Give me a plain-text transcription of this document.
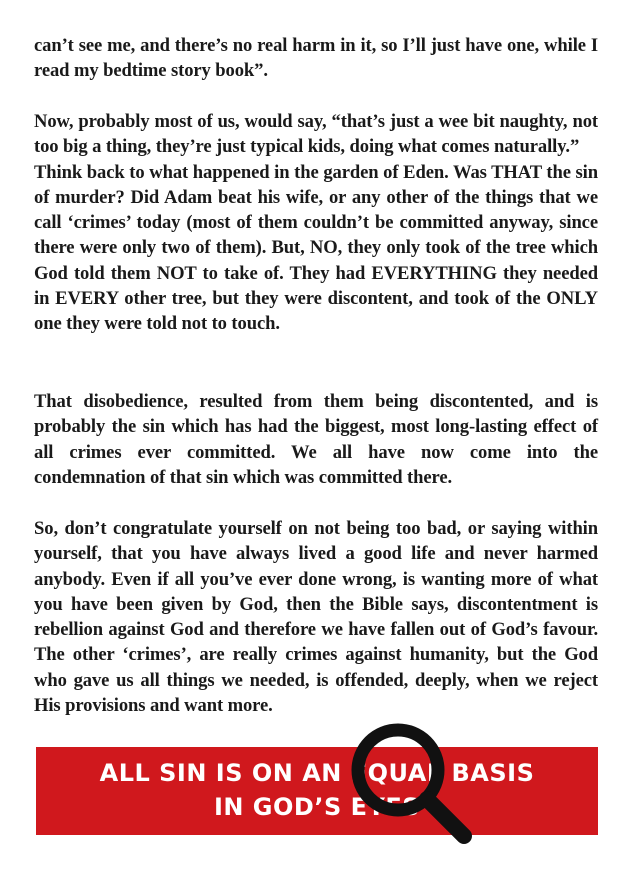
can’t see me, and there’s no real harm in it, so I’ll just have one, while I read my bedtime story book”.

Now, probably most of us, would say, “that’s just a wee bit naughty, not too big a thing, they’re just typical kids, doing what comes naturally.”

Think back to what happened in the garden of Eden. Was THAT the sin of murder? Did Adam beat his wife, or any other of the things that we call ‘crimes’ today (most of them couldn’t be committed anyway, since there were only two of them). But, NO, they only took of the tree which God told them NOT to take of. They had EVERYTHING they needed in EVERY other tree, but they were discontent, and took of the ONLY one they were told not to touch.

That disobedience, resulted from them being discontented, and is probably the sin which has had the biggest, most long-lasting effect of all crimes ever committed. We all have now come into the condemnation of that sin which was committed there.

So, don’t congratulate yourself on not being too bad, or saying within yourself, that you have always lived a good life and never harmed anybody. Even if all you’ve ever done wrong, is wanting more of what you have been given by God, then the Bible says, discontentment is rebellion against God and therefore we have fallen out of God’s favour. The other ‘crimes’, are really crimes against humanity, but the God who gave us all things we needed, is offended, deeply, when we reject His provisions and want more.

ALL SIN IS ON AN EQUAL BASIS
IN GOD’S EYES
